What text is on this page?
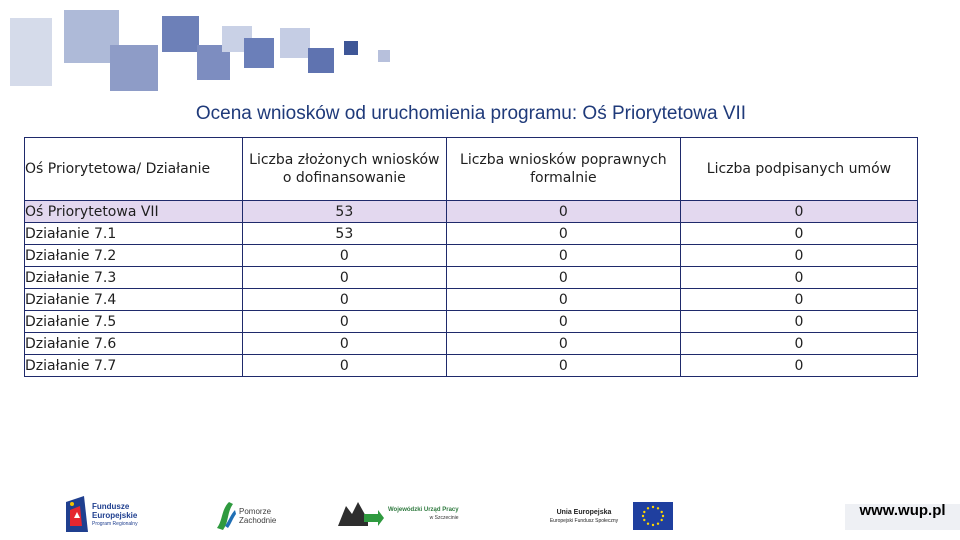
Ocena wniosków od uruchomienia programu: Oś Priorytetowa VII
Oś Priorytetowa/ Działanie	Liczba złożonych wniosków o dofinansowanie	Liczba wniosków poprawnych formalnie	Liczba podpisanych umów
Oś Priorytetowa VII	53	0	0
Działanie 7.1	53	0	0
Działanie 7.2	0	0	0
Działanie 7.3	0	0	0
Działanie 7.4	0	0	0
Działanie 7.5	0	0	0
Działanie 7.6	0	0	0
Działanie 7.7	0	0	0
Fundusze
Europejskie
Program Regionalny
Pomorze
Zachodnie
Wojewódzki Urząd Pracy
w Szczecinie
Unia Europejska
Europejski Fundusz Społeczny
www.wup.pl
